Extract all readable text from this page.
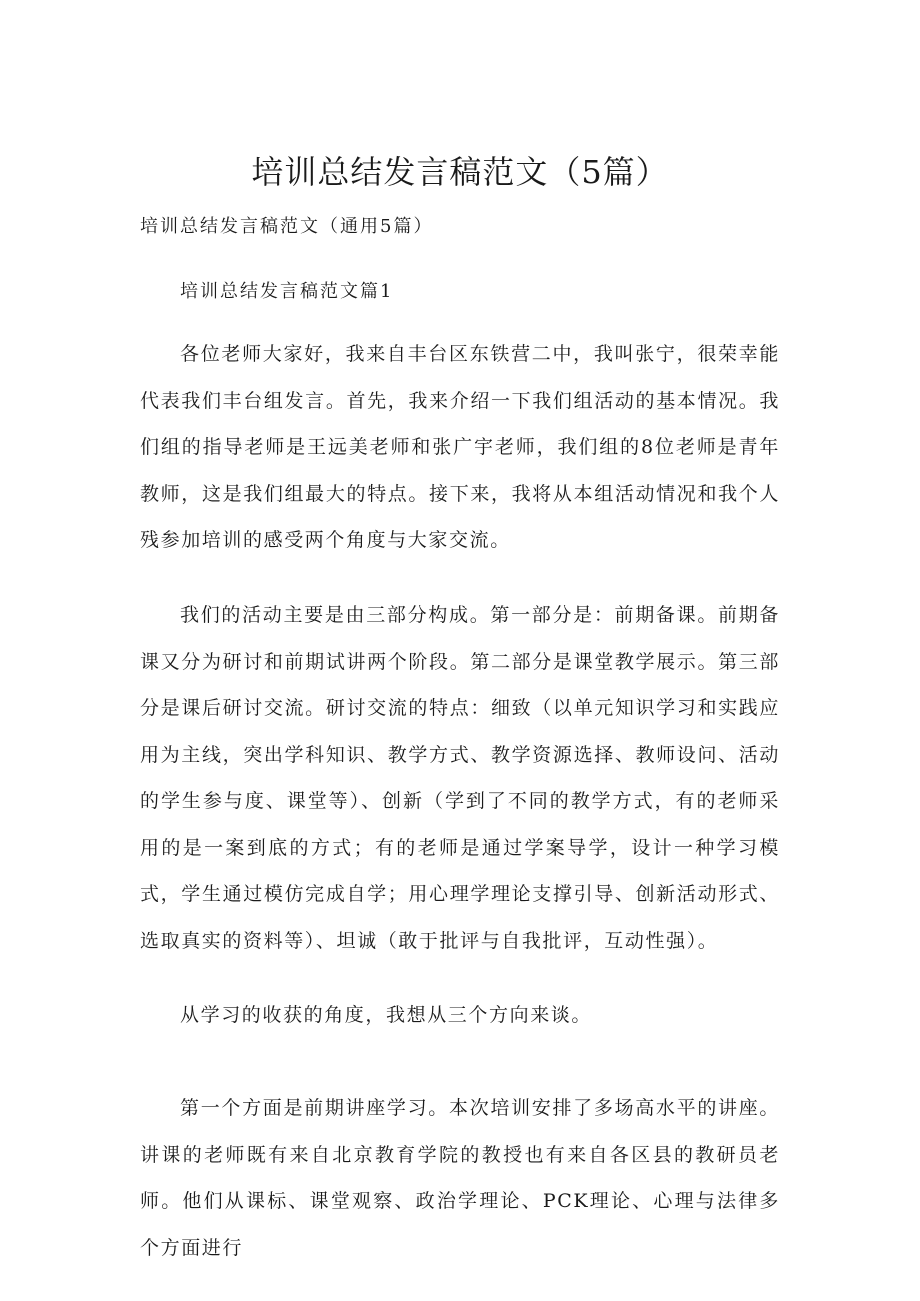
培训总结发言稿范文（5篇）

培训总结发言稿范文（通用5篇）

培训总结发言稿范文篇1

各位老师大家好，我来自丰台区东铁营二中，我叫张宁，很荣幸能代表我们丰台组发言。首先，我来介绍一下我们组活动的基本情况。我们组的指导老师是王远美老师和张广宇老师，我们组的8位老师是青年教师，这是我们组最大的特点。接下来，我将从本组活动情况和我个人残参加培训的感受两个角度与大家交流。

我们的活动主要是由三部分构成。第一部分是：前期备课。前期备课又分为研讨和前期试讲两个阶段。第二部分是课堂教学展示。第三部分是课后研讨交流。研讨交流的特点：细致（以单元知识学习和实践应用为主线，突出学科知识、教学方式、教学资源选择、教师设问、活动的学生参与度、课堂等）、创新（学到了不同的教学方式，有的老师采用的是一案到底的方式；有的老师是通过学案导学，设计一种学习模式，学生通过模仿完成自学；用心理学理论支撑引导、创新活动形式、选取真实的资料等）、坦诚（敢于批评与自我批评，互动性强）。

从学习的收获的角度，我想从三个方向来谈。

第一个方面是前期讲座学习。本次培训安排了多场高水平的讲座。讲课的老师既有来自北京教育学院的教授也有来自各区县的教研员老师。他们从课标、课堂观察、政治学理论、PCK理论、心理与法律多个方面进行
